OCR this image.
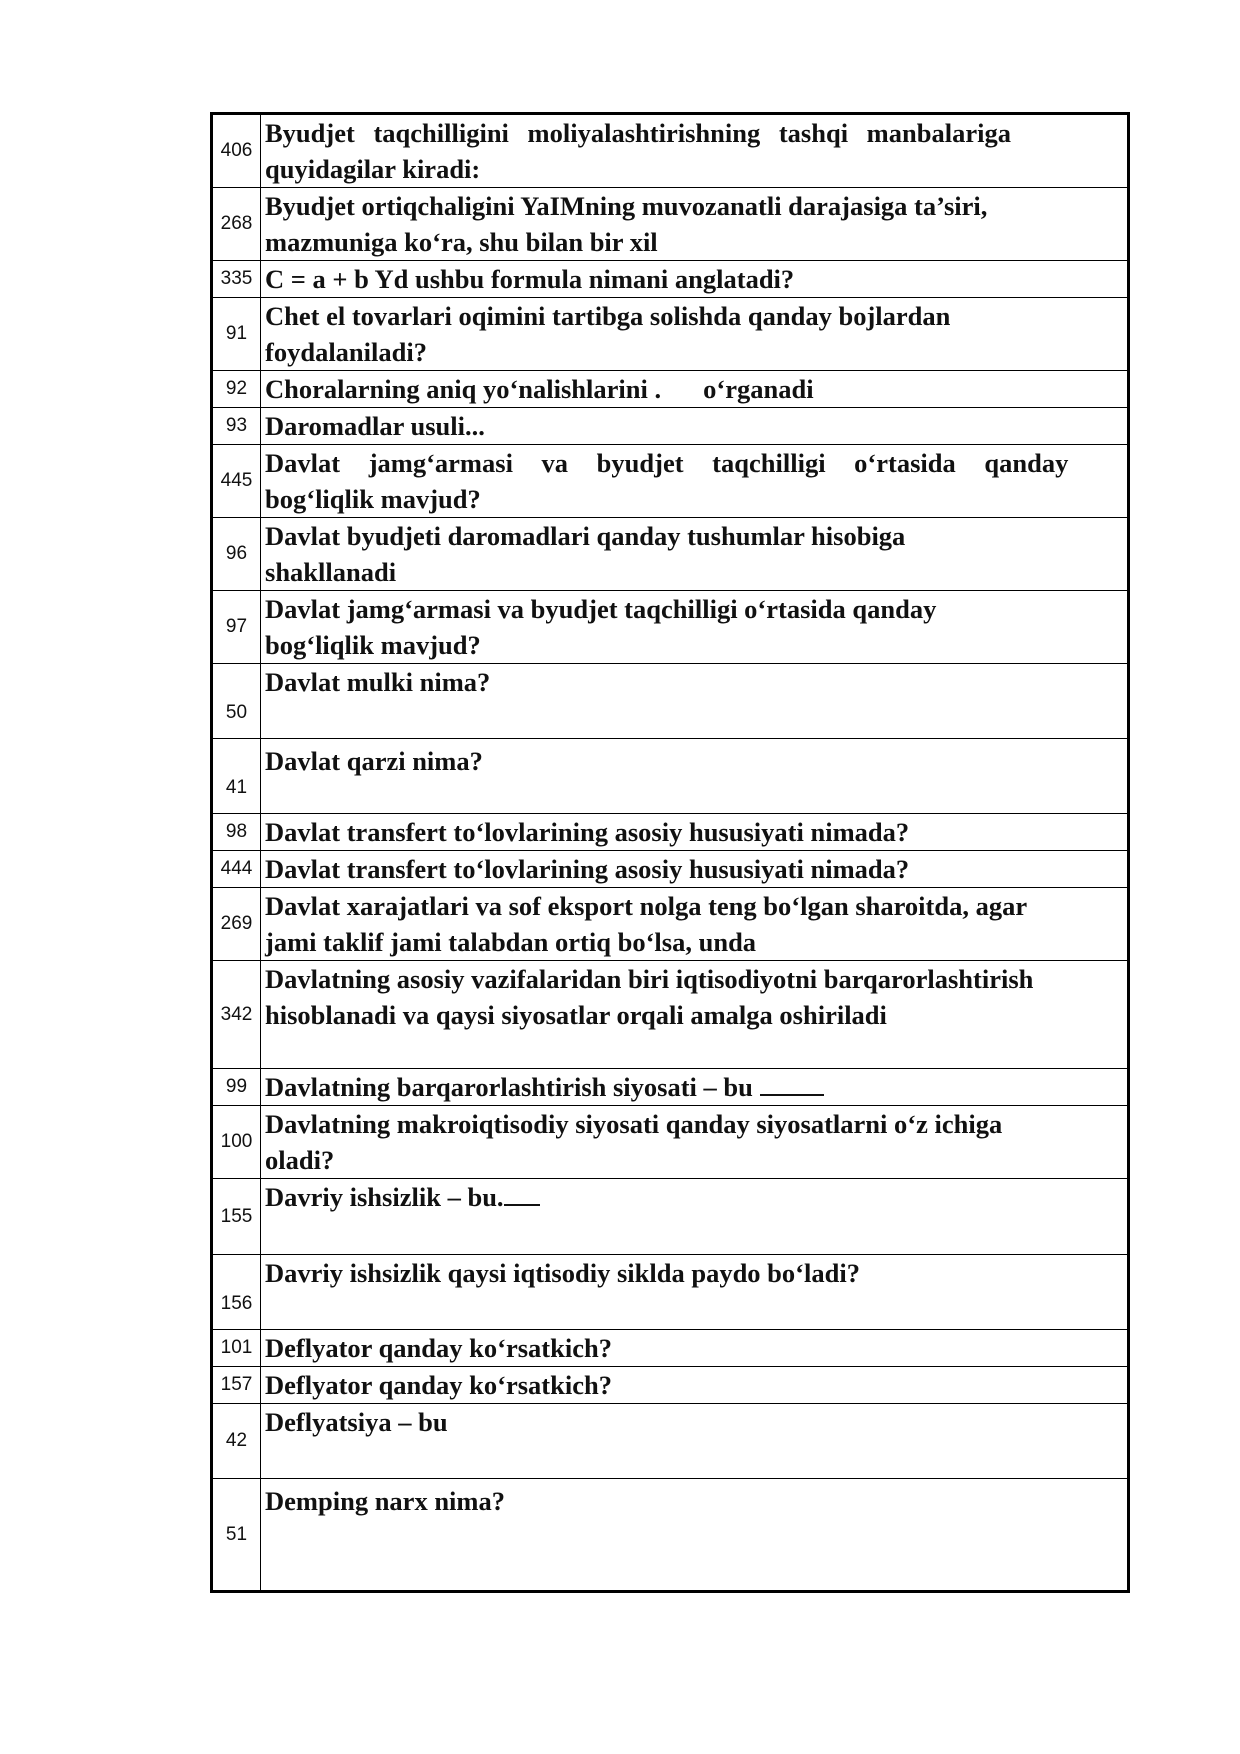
406	Byudjet taqchilligini moliyalashtirishning tashqi manbalariga
quyidagilar kiradi:

268	Byudjet ortiqchaligini YaIMning muvozanatli darajasiga ta’siri,
mazmuniga ko‘ra, shu bilan bir xil

335	C = a + b Yd ushbu formula nimani anglatadi?
91	Chet el tovarlari oqimini tartibga solishda qanday bojlardan
foydalaniladi?

92	Choralarning aniq yo‘nalishlarini . o‘rganadi
93	Daromadlar usuli...
445	Davlat jamg‘armasi va byudjet taqchilligi o‘rtasida qanday
bog‘liqlik mavjud?

96	Davlat byudjeti daromadlari qanday tushumlar hisobiga
shakllanadi

97	Davlat jamg‘armasi va byudjet taqchilligi o‘rtasida qanday
bog‘liqlik mavjud?

50	Davlat mulki nima?
41	Davlat qarzi nima?
98	Davlat transfert to‘lovlarining asosiy hususiyati nimada?
444	Davlat transfert to‘lovlarining asosiy hususiyati nimada?
269	Davlat xarajatlari va sof eksport nolga teng bo‘lgan sharoitda, agar
jami taklif jami talabdan ortiq bo‘lsa, unda

342	Davlatning asosiy vazifalaridan biri iqtisodiyotni barqarorlashtirish
hisoblanadi va qaysi siyosatlar orqali amalga oshiriladi

99	Davlatning barqarorlashtirish siyosati – bu
100	Davlatning makroiqtisodiy siyosati qanday siyosatlarni o‘z ichiga
oladi?

155	Davriy ishsizlik – bu.
156	Davriy ishsizlik qaysi iqtisodiy siklda paydo bo‘ladi?
101	Deflyator qanday ko‘rsatkich?
157	Deflyator qanday ko‘rsatkich?
42	Deflyatsiya – bu
51	Demping narx nima?
